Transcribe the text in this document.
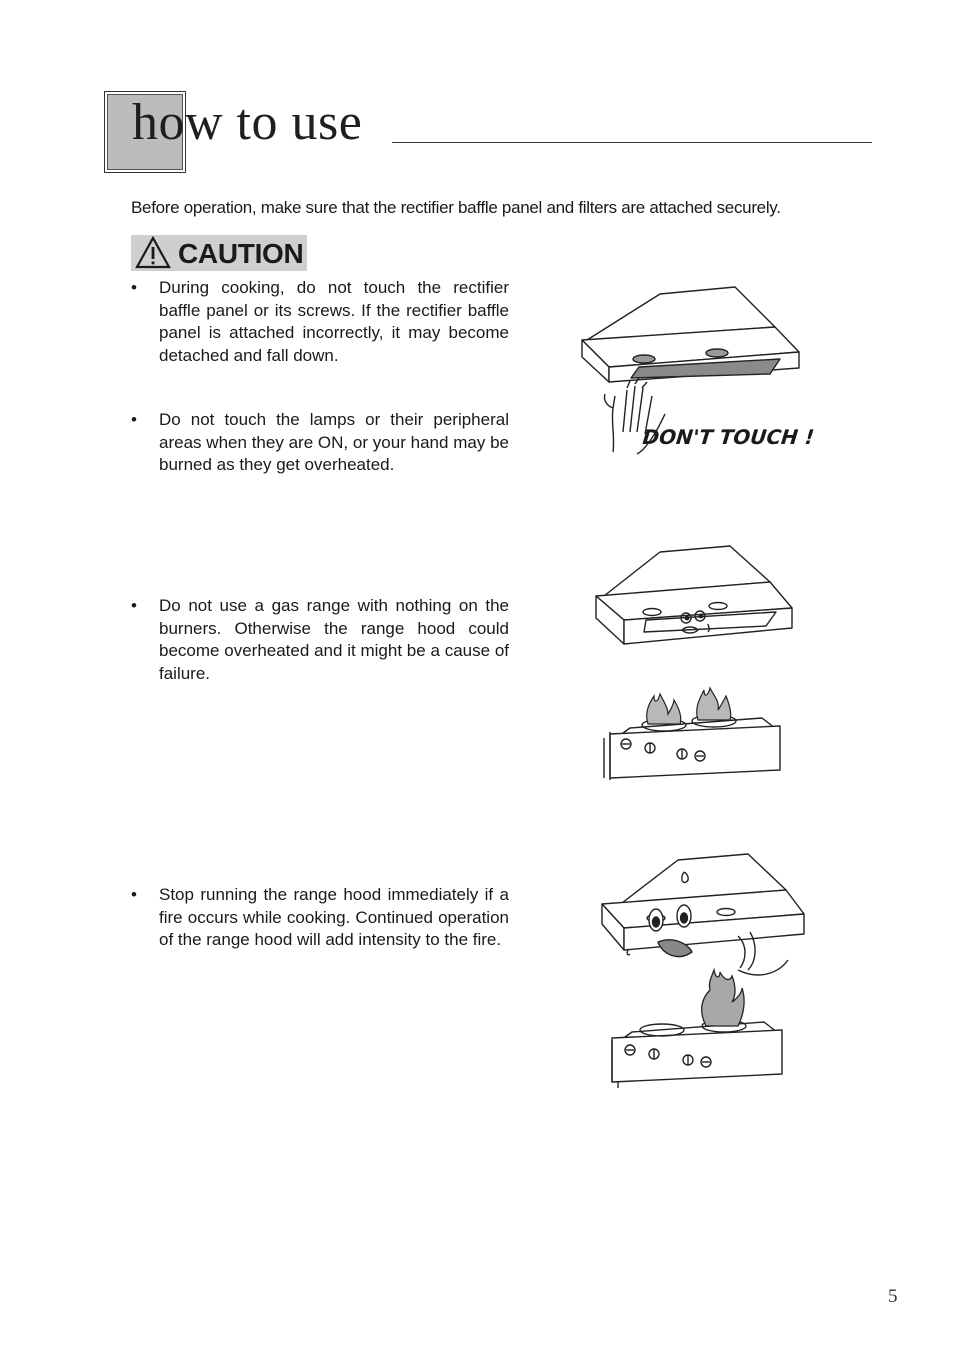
how to use
Before operation, make sure that the rectifier baffle panel and filters are attached securely.
CAUTION
• During cooking, do not touch the rectifier baffle panel or its screws. If the rectifier baffle panel is attached incorrectly, it may become detached and fall down.
• Do not touch the lamps or their peripheral areas when they are ON, or your hand may be burned as they get overheated.
• Do not use a gas range with nothing on the burners. Otherwise the range hood could become overheated and it might be a cause of failure.
• Stop running the range hood immediately if a fire occurs while cooking. Continued operation of the range hood will add intensity to the fire.
DON'T TOUCH !
5
